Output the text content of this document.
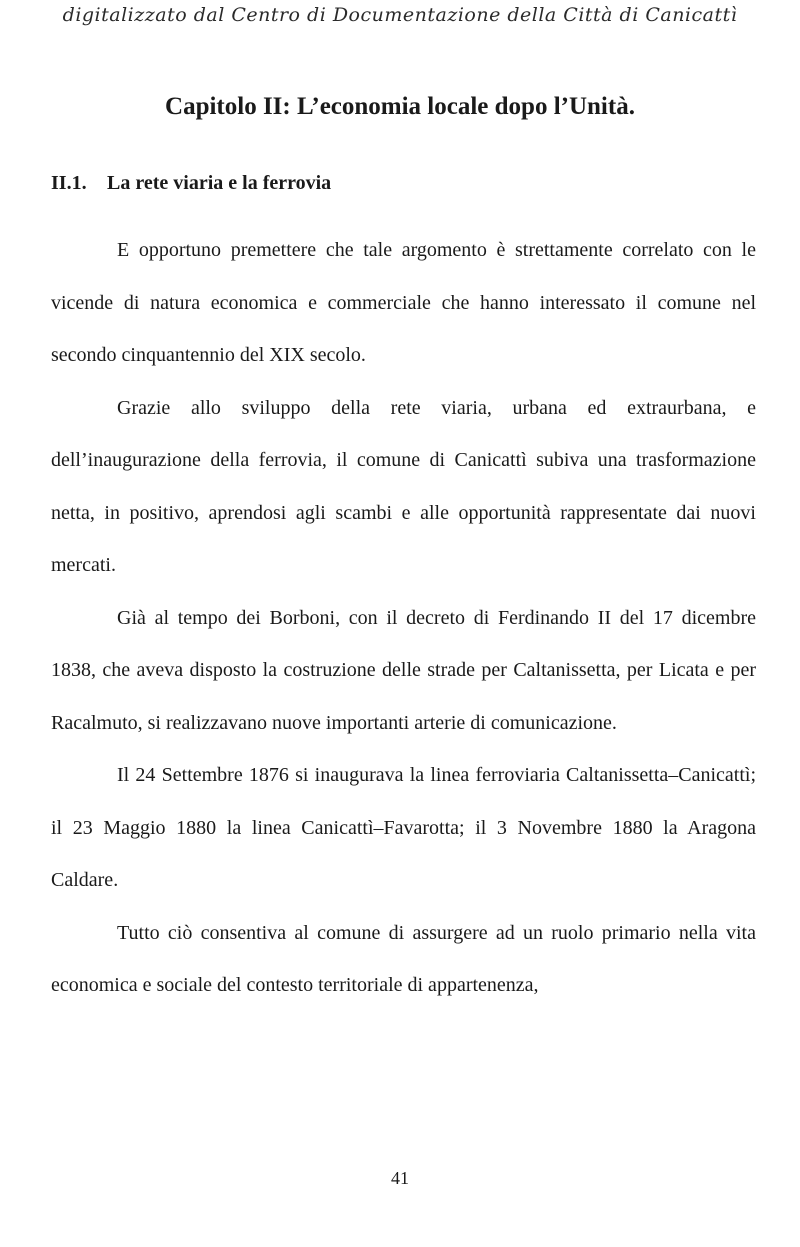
digitalizzato dal Centro di Documentazione della Città di Canicattì
Capitolo II: L’economia locale dopo l’Unità.
II.1. La rete viaria e la ferrovia

E opportuno premettere che tale argomento è strettamente correlato con le vicende di natura economica e commerciale che hanno interessato il comune nel secondo cinquantennio del XIX secolo.

Grazie allo sviluppo della rete viaria, urbana ed extraurbana, e dell’inaugurazione della ferrovia, il comune di Canicattì subiva una trasformazione netta, in positivo, aprendosi agli scambi e alle opportunità rappresentate dai nuovi mercati.

Già al tempo dei Borboni, con il decreto di Ferdinando II del 17 dicembre 1838, che aveva disposto la costruzione delle strade per Caltanissetta, per Licata e per Racalmuto, si realizzavano nuove importanti arterie di comunicazione.

Il 24 Settembre 1876 si inaugurava la linea ferroviaria Caltanissetta–Canicattì; il 23 Maggio 1880 la linea Canicattì–Favarotta; il 3 Novembre 1880 la Aragona Caldare.

Tutto ciò consentiva al comune di assurgere ad un ruolo primario nella vita economica e sociale del contesto territoriale di appartenenza,

41
